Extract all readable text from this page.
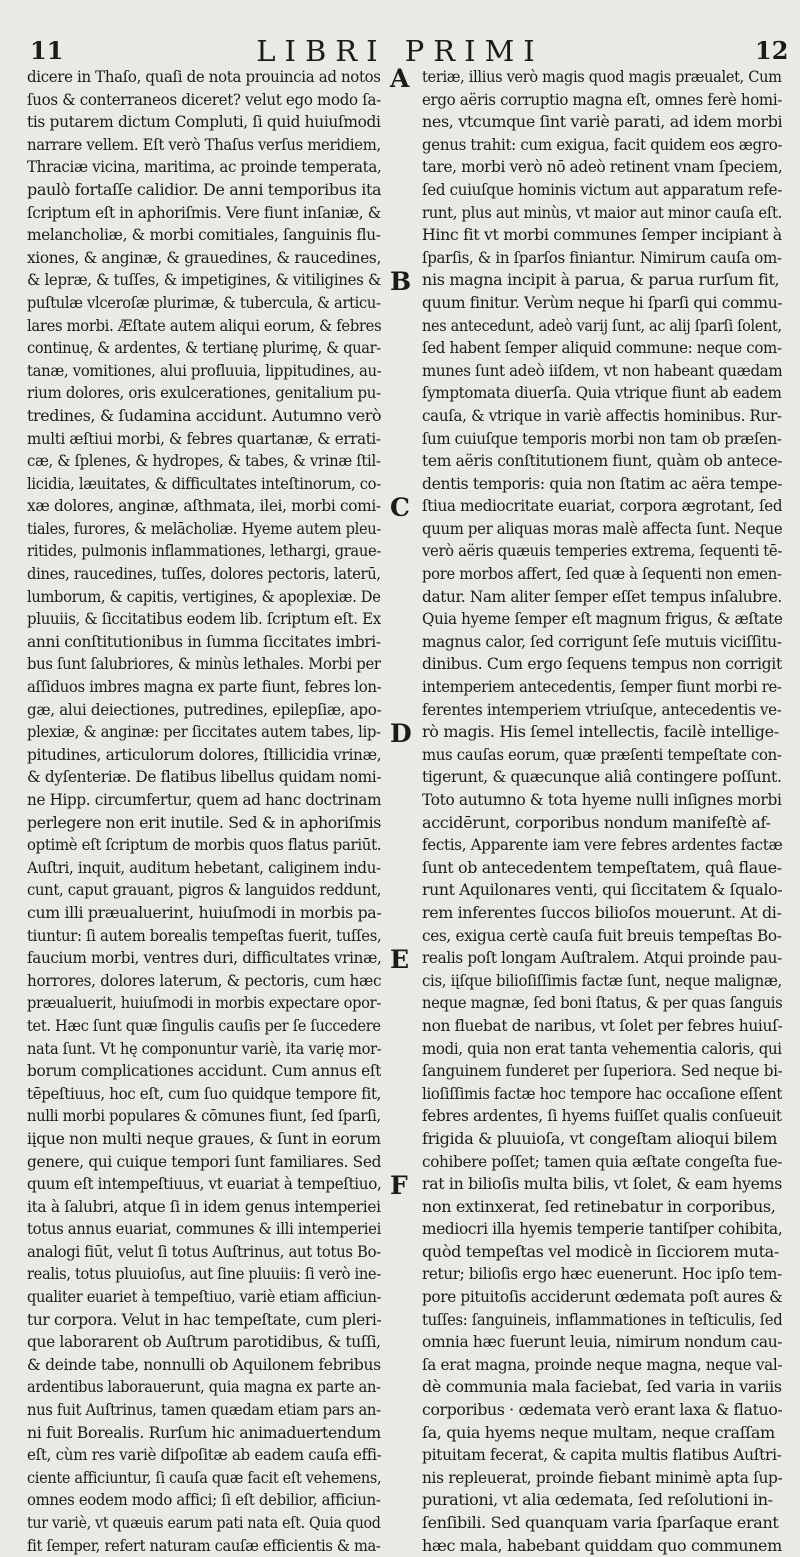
11	LIBRI PRIMI	12
dicere in Thaſo, quaſi de nota prouincia ad notos
ſuos & conterraneos diceret? velut ego modo ſa-
tis putarem dictum Compluti, ſi quid huiuſmodi
narrare vellem. Eſt verò Thaſus verſus meridiem,
Thraciæ vicina, maritima, ac proinde temperata,
paulò fortaſſe calidior. De anni temporibus ita
ſcriptum eſt in aphoriſmis. Vere fiunt inſaniæ, &
melancholiæ, & morbi comitiales, ſanguinis flu-
xiones, & anginæ, & grauedines, & raucedines,
& lepræ, & tuſſes, & impetigines, & vitiligines &
puſtulæ vlceroſæ plurimæ, & tubercula, & articu-
lares morbi. Æſtate autem aliqui eorum, & febres
continuę, & ardentes, & tertianę plurimę, & quar-
tanæ, vomitiones, alui profluuia, lippitudines, au-
rium dolores, oris exulcerationes, genitalium pu-
tredines, & ſudamina accidunt. Autumno verò
multi æſtiui morbi, & febres quartanæ, & errati-
cæ, & ſplenes, & hydropes, & tabes, & vrinæ ſtil-
licidia, læuitates, & difficultates inteſtinorum, co-
xæ dolores, anginæ, aſthmata, ilei, morbi comi-
tiales, furores, & melācholiæ. Hyeme autem pleu-
ritides, pulmonis inflammationes, lethargi, graue-
dines, raucedines, tuſſes, dolores pectoris, laterū,
lumborum, & capitis, vertigines, & apoplexiæ. De
pluuiis, & ſiccitatibus eodem lib. ſcriptum eſt. Ex
anni conſtitutionibus in ſumma ſiccitates imbri-
bus ſunt ſalubriores, & minùs lethales. Morbi per
aſſiduos imbres magna ex parte fiunt, febres lon-
gæ, alui deiectiones, putredines, epilepſiæ, apo-
plexiæ, & anginæ: per ſiccitates autem tabes, lip-
pitudines, articulorum dolores, ſtillicidia vrinæ,
& dyſenteriæ. De flatibus libellus quidam nomi-
ne Hipp. circumfertur, quem ad hanc doctrinam
perlegere non erit inutile. Sed & in aphoriſmis
optimè eſt ſcriptum de morbis quos flatus pariūt.
Auſtri, inquit, auditum hebetant, caliginem indu-
cunt, caput grauant, pigros & languidos reddunt,
cum illi præualuerint, huiuſmodi in morbis pa-
tiuntur: ſi autem borealis tempeſtas fuerit, tuſſes,
faucium morbi, ventres duri, difficultates vrinæ,
horrores, dolores laterum, & pectoris, cum hæc
præualuerit, huiuſmodi in morbis expectare opor-
tet. Hæc ſunt quæ ſingulis cauſis per ſe ſuccedere
nata ſunt. Vt hę componuntur variè, ita varię mor-
borum complicationes accidunt. Cum annus eſt
tēpeſtiuus, hoc eſt, cum ſuo quidque tempore fit,
nulli morbi populares & cōmunes fiunt, ſed ſparſi,
iįque non multi neque graues, & ſunt in eorum
genere, qui cuique tempori ſunt familiares. Sed
quum eſt intempeſtiuus, vt euariat à tempeſtiuo,
ita à ſalubri, atque ſi in idem genus intemperiei
totus annus euariat, communes & illi intemperiei
analogi fiūt, velut ſi totus Auſtrinus, aut totus Bo-
realis, totus pluuioſus, aut ſine pluuiis: ſi verò ine-
qualiter euariet à tempeſtiuo, variè etiam afficiun-
tur corpora. Velut in hac tempeſtate, cum pleri-
que laborarent ob Auſtrum parotidibus, & tuſſi,
& deinde tabe, nonnulli ob Aquilonem febribus
ardentibus laborauerunt, quia magna ex parte an-
nus fuit Auſtrinus, tamen quædam etiam pars an-
ni fuit Borealis. Rurſum hic animaduertendum
eſt, cùm res variè diſpoſitæ ab eadem cauſa effi-
ciente afficiuntur, ſi cauſa quæ facit eſt vehemens,
omnes eodem modo affici; ſi eſt debilior, afficiun-
tur variè, vt quæuis earum pati nata eſt. Quia quod
fit ſemper, refert naturam cauſæ efficientis & ma-
A
B
C
D
E
F
teriæ, illius verò magis quod magis præualet, Cum
ergo aëris corruptio magna eſt, omnes ferè homi-
nes, vtcumque ſint variè parati, ad idem morbi
genus trahit: cum exigua, facit quidem eos ægro-
tare, morbi verò nō adeò retinent vnam ſpeciem,
ſed cuiuſque hominis victum aut apparatum refe-
runt, plus aut minùs, vt maior aut minor cauſa eſt.
Hinc fit vt morbi communes ſemper incipiant à
ſparſis, & in ſparſos finiantur. Nimirum cauſa om-
nis magna incipit à parua, & parua rurſum fit,
quum finitur. Verùm neque hi ſparſi qui commu-
nes antecedunt, adeò varij ſunt, ac alij ſparſi ſolent,
ſed habent ſemper aliquid commune: neque com-
munes ſunt adeò iiſdem, vt non habeant quædam
ſymptomata diuerſa. Quia vtrique fiunt ab eadem
cauſa, & vtrique in variè affectis hominibus. Rur-
ſum cuiuſque temporis morbi non tam ob præſen-
tem aëris conſtitutionem fiunt, quàm ob antece-
dentis temporis: quia non ſtatim ac aëra tempe-
ſtiua mediocritate euariat, corpora ægrotant, ſed
quum per aliquas moras malè affecta ſunt. Neque
verò aëris quæuis temperies extrema, ſequenti tē-
pore morbos affert, ſed quæ à ſequenti non emen-
datur. Nam aliter ſemper eſſet tempus inſalubre.
Quia hyeme ſemper eſt magnum frigus, & æſtate
magnus calor, ſed corrigunt ſeſe mutuis viciſſitu-
dinibus. Cum ergo ſequens tempus non corrigit
intemperiem antecedentis, ſemper fiunt morbi re-
ferentes intemperiem vtriuſque, antecedentis ve-
rò magis. His ſemel intellectis, facilè intellige-
mus cauſas eorum, quæ præſenti tempeſtate con-
tigerunt, & quæcunque aliâ contingere poſſunt.
Toto autumno & tota hyeme nulli inſignes morbi
accidērunt, corporibus nondum manifeſtè af-
fectis, Apparente iam vere febres ardentes factæ
ſunt ob antecedentem tempeſtatem, quâ flaue-
runt Aquilonares venti, qui ſiccitatem & ſqualo-
rem inferentes ſuccos bilioſos mouerunt. At di-
ces, exigua certè cauſa fuit breuis tempeſtas Bo-
realis poſt longam Auſtralem. Atqui proinde pau-
cis, iįſque bilioſiſſimis factæ ſunt, neque malignæ,
neque magnæ, ſed boni ſtatus, & per quas ſanguis
non fluebat de naribus, vt ſolet per febres huiuſ-
modi, quia non erat tanta vehementia caloris, qui
ſanguinem funderet per ſuperiora. Sed neque bi-
lioſiſſimis factæ hoc tempore hac occaſione eſſent
febres ardentes, ſi hyems fuiſſet qualis conſueuit
frigida & pluuioſa, vt congeſtam alioqui bilem
cohibere poſſet; tamen quia æſtate congeſta fue-
rat in bilioſis multa bilis, vt ſolet, & eam hyems
non extinxerat, ſed retinebatur in corporibus,
mediocri illa hyemis temperie tantiſper cohibita,
quòd tempeſtas vel modicè in ſicciorem muta-
retur; bilioſis ergo hæc euenerunt. Hoc ipſo tem-
pore pituitoſis acciderunt œdemata poſt aures &
tuſſes: ſanguineis, inflammationes in teſticulis, ſed
omnia hæc fuerunt leuia, nimirum nondum cau-
ſa erat magna, proinde neque magna, neque val-
dè communia mala faciebat, ſed varia in variis
corporibus · œdemata verò erant laxa & flatuo-
ſa, quia hyems neque multam, neque craſſam
pituitam fecerat, & capita multis flatibus Auſtri-
nis repleuerat, proinde fiebant minimè apta ſup-
purationi, vt alia œdemata, ſed reſolutioni in-
ſenſibili. Sed quanquam varia ſparſaque erant
hæc mala, habebant quiddam quo communem
